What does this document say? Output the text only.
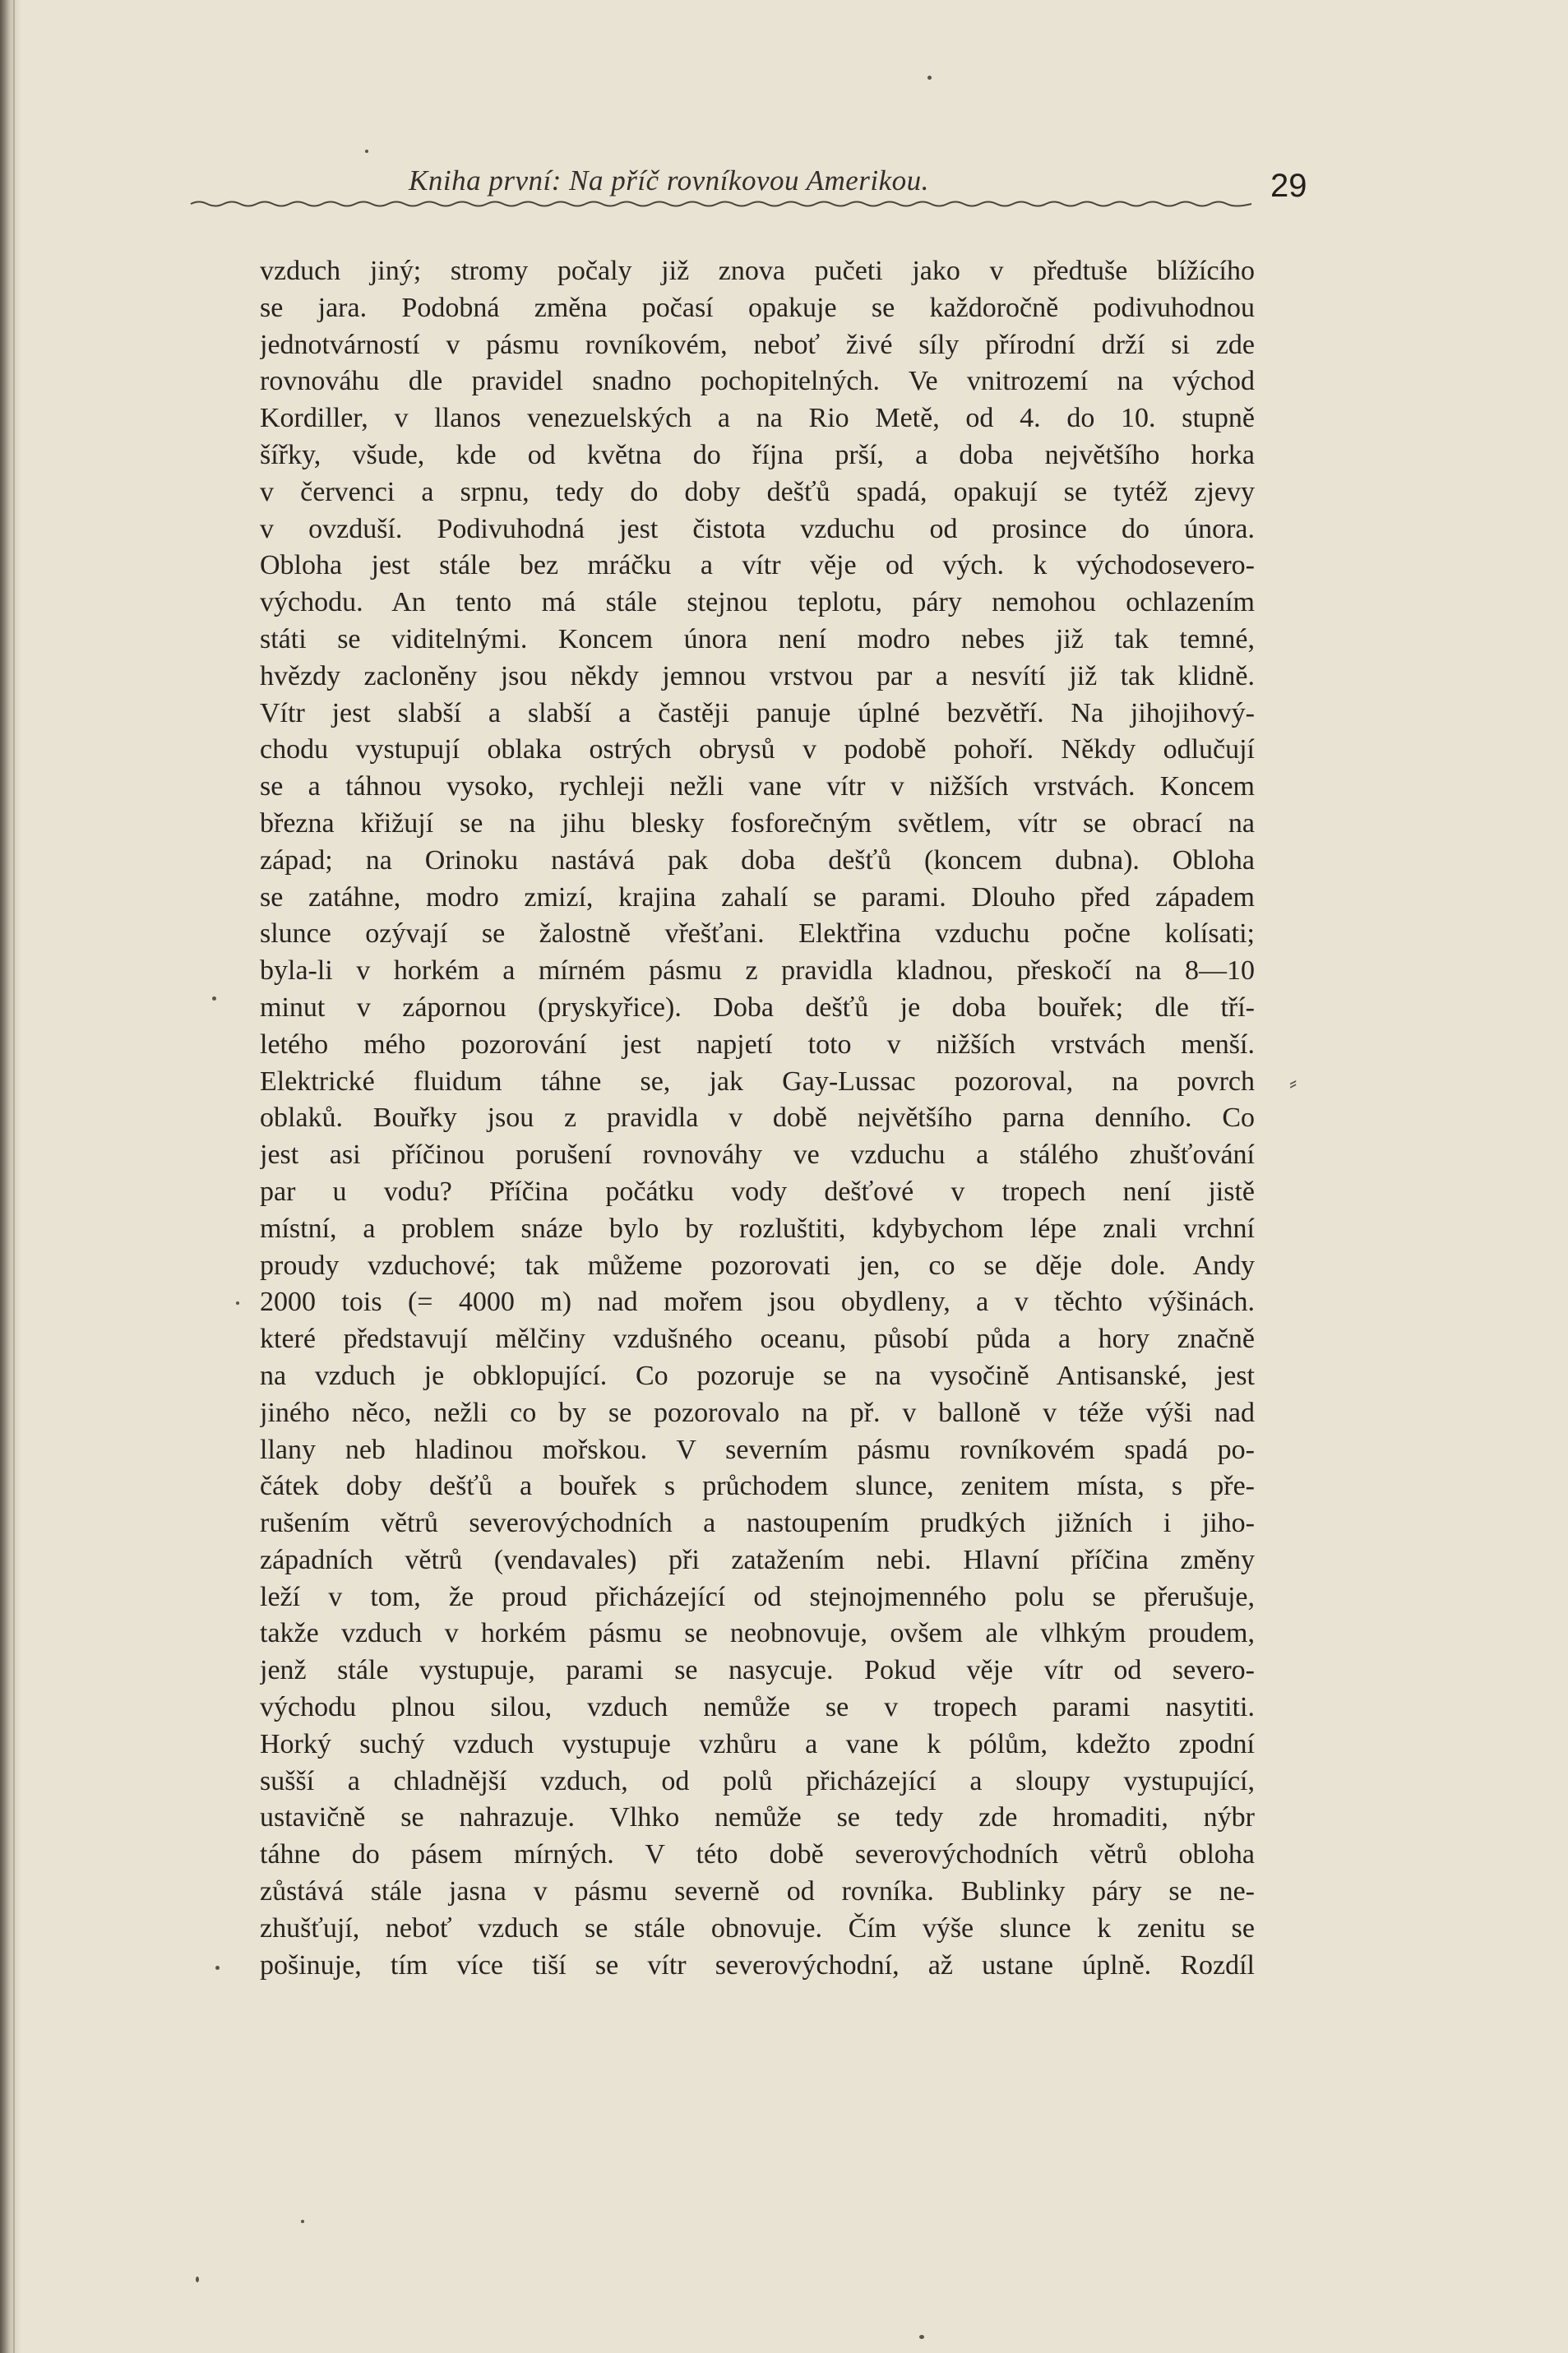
Kniha první: Na příč rovníkovou Amerikou.	29
vzduch jiný; stromy počaly již znova pučeti jako v předtuše blížícího
se jara. Podobná změna počasí opakuje se každoročně podivuhodnou
jednotvárností v pásmu rovníkovém, neboť živé síly přírodní drží si zde
rovnováhu dle pravidel snadno pochopitelných. Ve vnitrozemí na východ
Kordiller, v llanos venezuelských a na Rio Metě, od 4. do 10. stupně
šířky, všude, kde od května do října prší, a doba největšího horka
v červenci a srpnu, tedy do doby dešťů spadá, opakují se tytéž zjevy
v ovzduší. Podivuhodná jest čistota vzduchu od prosince do února.
Obloha jest stále bez mráčku a vítr věje od vých. k východosevero-
východu. An tento má stále stejnou teplotu, páry nemohou ochlazením
státi se viditelnými. Koncem února není modro nebes již tak temné,
hvězdy zacloněny jsou někdy jemnou vrstvou par a nesvítí již tak klidně.
Vítr jest slabší a slabší a častěji panuje úplné bezvětří. Na jihojihový-
chodu vystupují oblaka ostrých obrysů v podobě pohoří. Někdy odlučují
se a táhnou vysoko, rychleji nežli vane vítr v nižších vrstvách. Koncem
března křižují se na jihu blesky fosforečným světlem, vítr se obrací na
západ; na Orinoku nastává pak doba dešťů (koncem dubna). Obloha
se zatáhne, modro zmizí, krajina zahalí se parami. Dlouho před západem
slunce ozývají se žalostně vřešťani. Elektřina vzduchu počne kolísati;
byla-li v horkém a mírném pásmu z pravidla kladnou, přeskočí na 8—10
minut v zápornou (pryskyřice). Doba dešťů je doba bouřek; dle tří-
letého mého pozorování jest napjetí toto v nižších vrstvách menší.
Elektrické fluidum táhne se, jak Gay-Lussac pozoroval, na povrch
oblaků. Bouřky jsou z pravidla v době největšího parna denního. Co
jest asi příčinou porušení rovnováhy ve vzduchu a stálého zhušťování
par u vodu? Příčina počátku vody dešťové v tropech není jistě
místní, a problem snáze bylo by rozluštiti, kdybychom lépe znali vrchní
proudy vzduchové; tak můžeme pozorovati jen, co se děje dole. Andy
2000 tois (= 4000 m) nad mořem jsou obydleny, a v těchto výšinách.
které představují mělčiny vzdušného oceanu, působí půda a hory značně
na vzduch je obklopující. Co pozoruje se na vysočině Antisanské, jest
jiného něco, nežli co by se pozorovalo na př. v balloně v téže výši nad
llany neb hladinou mořskou. V severním pásmu rovníkovém spadá po-
čátek doby dešťů a bouřek s průchodem slunce, zenitem místa, s pře-
rušením větrů severovýchodních a nastoupením prudkých jižních i jiho-
západních větrů (vendavales) při zatažením nebi. Hlavní příčina změny
leží v tom, že proud přicházející od stejnojmenného polu se přerušuje,
takže vzduch v horkém pásmu se neobnovuje, ovšem ale vlhkým proudem,
jenž stále vystupuje, parami se nasycuje. Pokud věje vítr od severo-
východu plnou silou, vzduch nemůže se v tropech parami nasytiti.
Horký suchý vzduch vystupuje vzhůru a vane k pólům, kdežto zpodní
sušší a chladnější vzduch, od polů přicházející a sloupy vystupující,
ustavičně se nahrazuje. Vlhko nemůže se tedy zde hromaditi, nýbr
táhne do pásem mírných. V této době severovýchodních větrů obloha
zůstává stále jasna v pásmu severně od rovníka. Bublinky páry se ne-
zhušťují, neboť vzduch se stále obnovuje. Čím výše slunce k zenitu se
pošinuje, tím více tiší se vítr severovýchodní, až ustane úplně. Rozdíl
⸗
